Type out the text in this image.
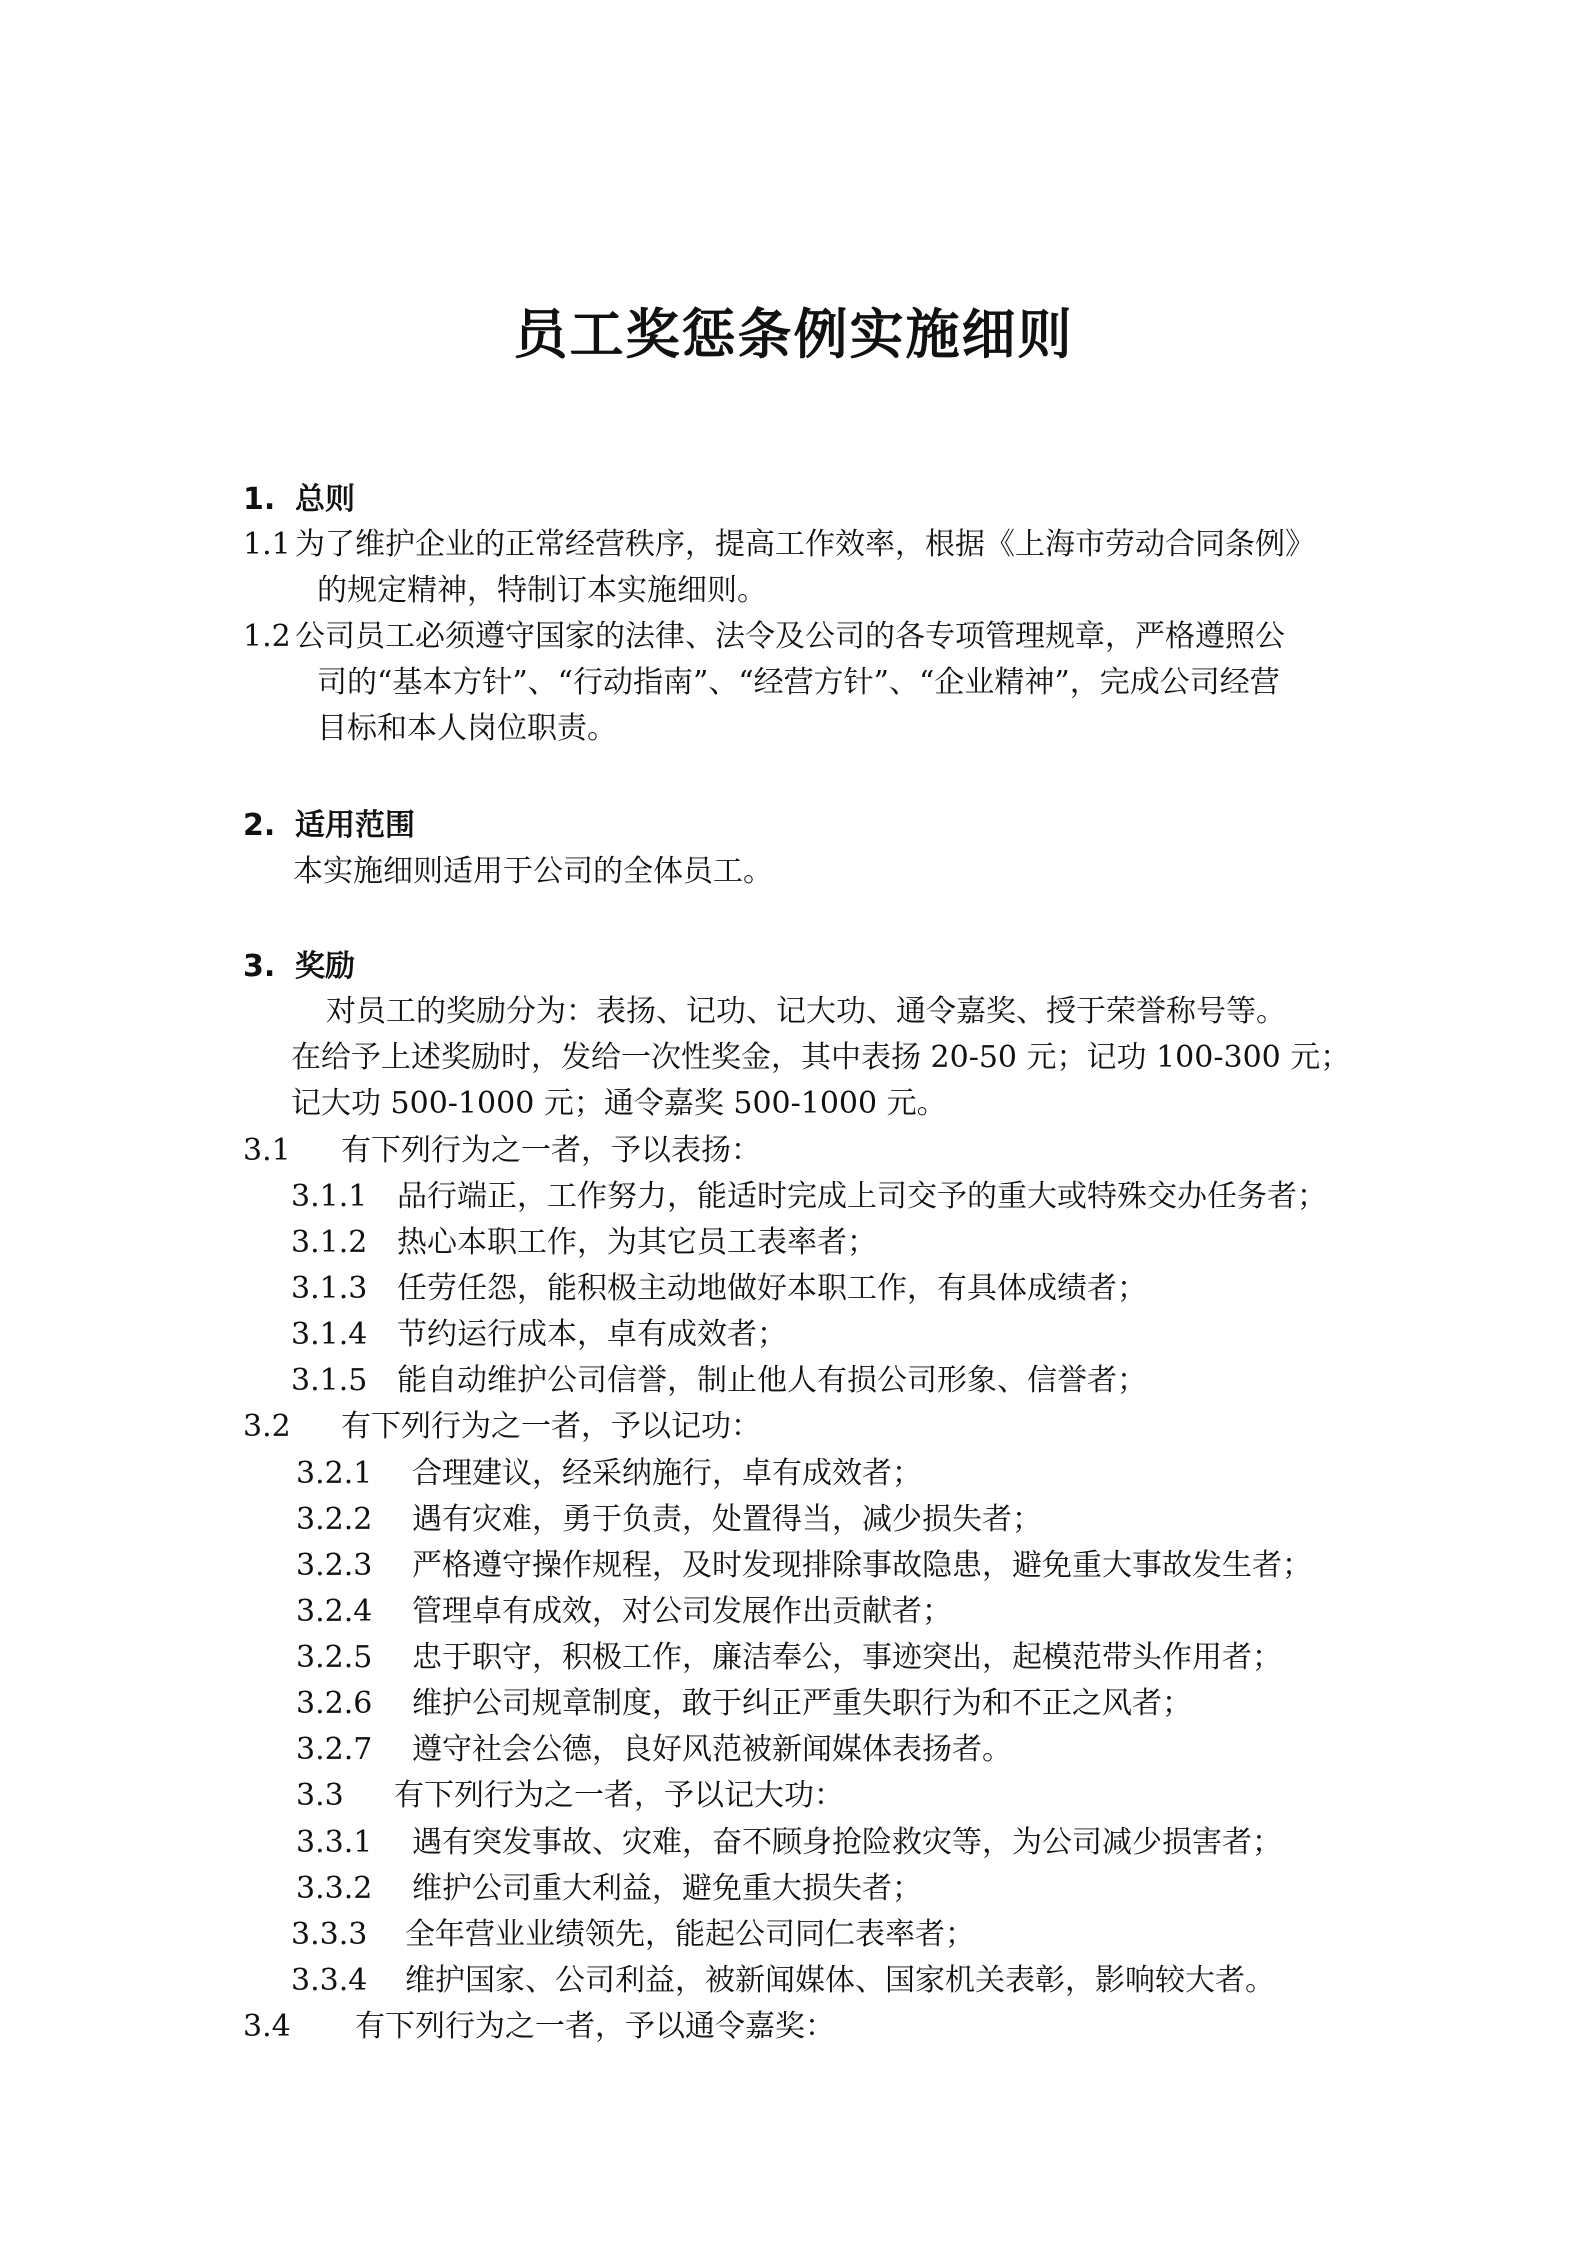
员工奖惩条例实施细则
1. 总则
1.1 为了维护企业的正常经营秩序，提高工作效率，根据《上海市劳动合同条例》
的规定精神，特制订本实施细则。
1.2 公司员工必须遵守国家的法律、法令及公司的各专项管理规章，严格遵照公
司的“基本方针”、“行动指南”、“经营方针”、“企业精神”，完成公司经营
目标和本人岗位职责。
2. 适用范围
本实施细则适用于公司的全体员工。
3. 奖励
对员工的奖励分为：表扬、记功、记大功、通令嘉奖、授于荣誉称号等。
在给予上述奖励时，发给一次性奖金，其中表扬 20-50 元；记功 100-300 元；
记大功 500-1000 元；通令嘉奖 500-1000 元。
3.1 有下列行为之一者，予以表扬：
3.1.1 品行端正，工作努力，能适时完成上司交予的重大或特殊交办任务者；
3.1.2 热心本职工作，为其它员工表率者；
3.1.3 任劳任怨，能积极主动地做好本职工作，有具体成绩者；
3.1.4 节约运行成本，卓有成效者；
3.1.5 能自动维护公司信誉，制止他人有损公司形象、信誉者；
3.2 有下列行为之一者，予以记功：
3.2.1 合理建议，经采纳施行，卓有成效者；
3.2.2 遇有灾难，勇于负责，处置得当，减少损失者；
3.2.3 严格遵守操作规程，及时发现排除事故隐患，避免重大事故发生者；
3.2.4 管理卓有成效，对公司发展作出贡献者；
3.2.5 忠于职守，积极工作，廉洁奉公，事迹突出，起模范带头作用者；
3.2.6 维护公司规章制度，敢于纠正严重失职行为和不正之风者；
3.2.7 遵守社会公德，良好风范被新闻媒体表扬者。
3.3 有下列行为之一者，予以记大功：
3.3.1 遇有突发事故、灾难，奋不顾身抢险救灾等，为公司减少损害者；
3.3.2 维护公司重大利益，避免重大损失者；
3.3.3 全年营业业绩领先，能起公司同仁表率者；
3.3.4 维护国家、公司利益，被新闻媒体、国家机关表彰，影响较大者。
3.4 有下列行为之一者，予以通令嘉奖：
